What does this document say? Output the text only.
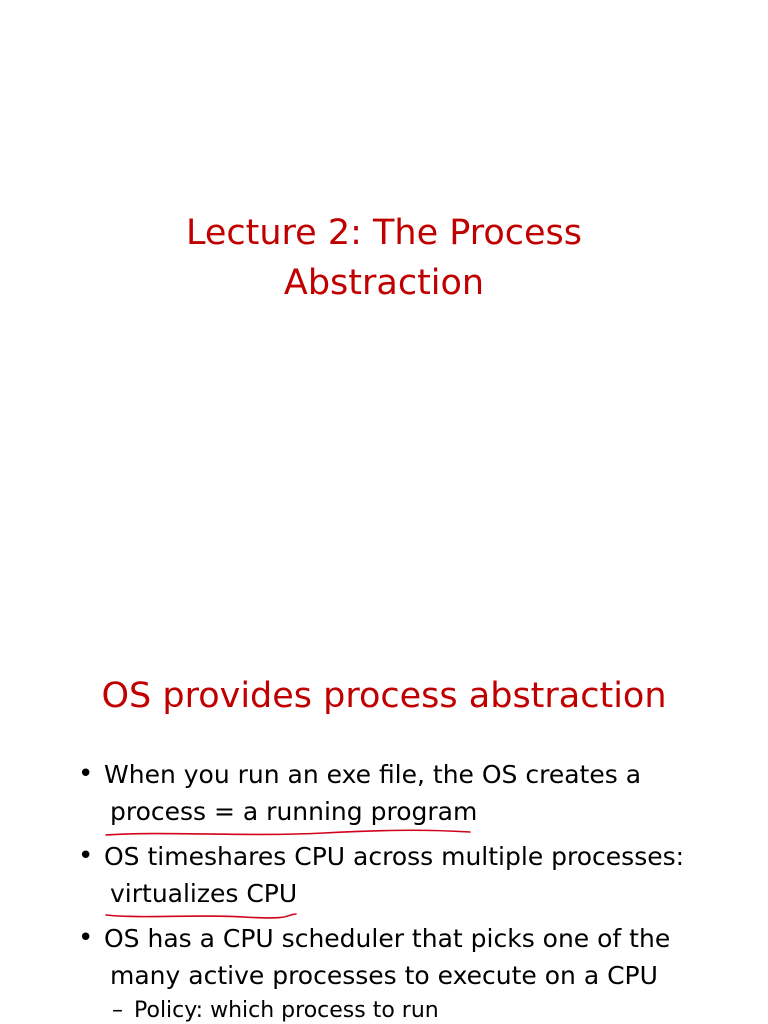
Lecture 2: The Process
Abstraction
OS provides process abstraction
• When you run an exe file, the OS creates a
process = a running program
• OS timeshares CPU across multiple processes:
virtualizes CPU
• OS has a CPU scheduler that picks one of the
many active processes to execute on a CPU
– Policy: which process to run
